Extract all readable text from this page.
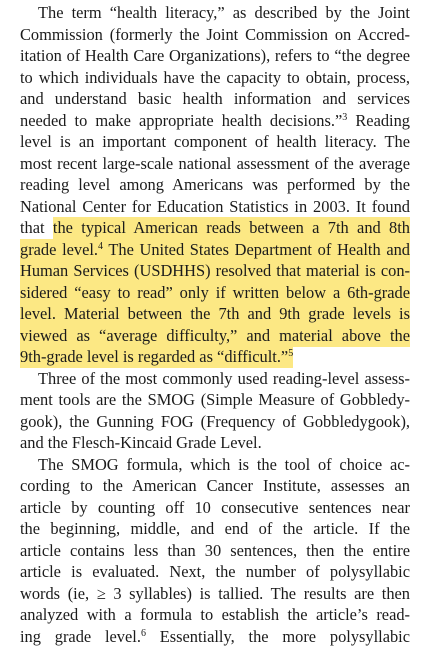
The term “health literacy,” as described by the Joint
Commission (formerly the Joint Commission on Accred-
itation of Health Care Organizations), refers to “the degree
to which individuals have the capacity to obtain, process,
and understand basic health information and services
needed to make appropriate health decisions.”$^3$ Reading
level is an important component of health literacy. The
most recent large-scale national assessment of the average
reading level among Americans was performed by the
National Center for Education Statistics in 2003. It found
that the typical American reads between a 7th and 8th
grade level.$^4$ The United States Department of Health and
Human Services (USDHHS) resolved that material is con-
sidered “easy to read” only if written below a 6th-grade
level. Material between the 7th and 9th grade levels is
viewed as “average difficulty,” and material above the
9th-grade level is regarded as “difficult.”$^5$
Three of the most commonly used reading-level assess-
ment tools are the SMOG (Simple Measure of Gobbledy-
gook), the Gunning FOG (Frequency of Gobbledygook),
and the Flesch-Kincaid Grade Level.
The SMOG formula, which is the tool of choice ac-
cording to the American Cancer Institute, assesses an
article by counting off 10 consecutive sentences near
the beginning, middle, and end of the article. If the
article contains less than 30 sentences, then the entire
article is evaluated. Next, the number of polysyllabic
words (ie, ≥ 3 syllables) is tallied. The results are then
analyzed with a formula to establish the article’s read-
ing grade level.$^6$ Essentially, the more polysyllabic
